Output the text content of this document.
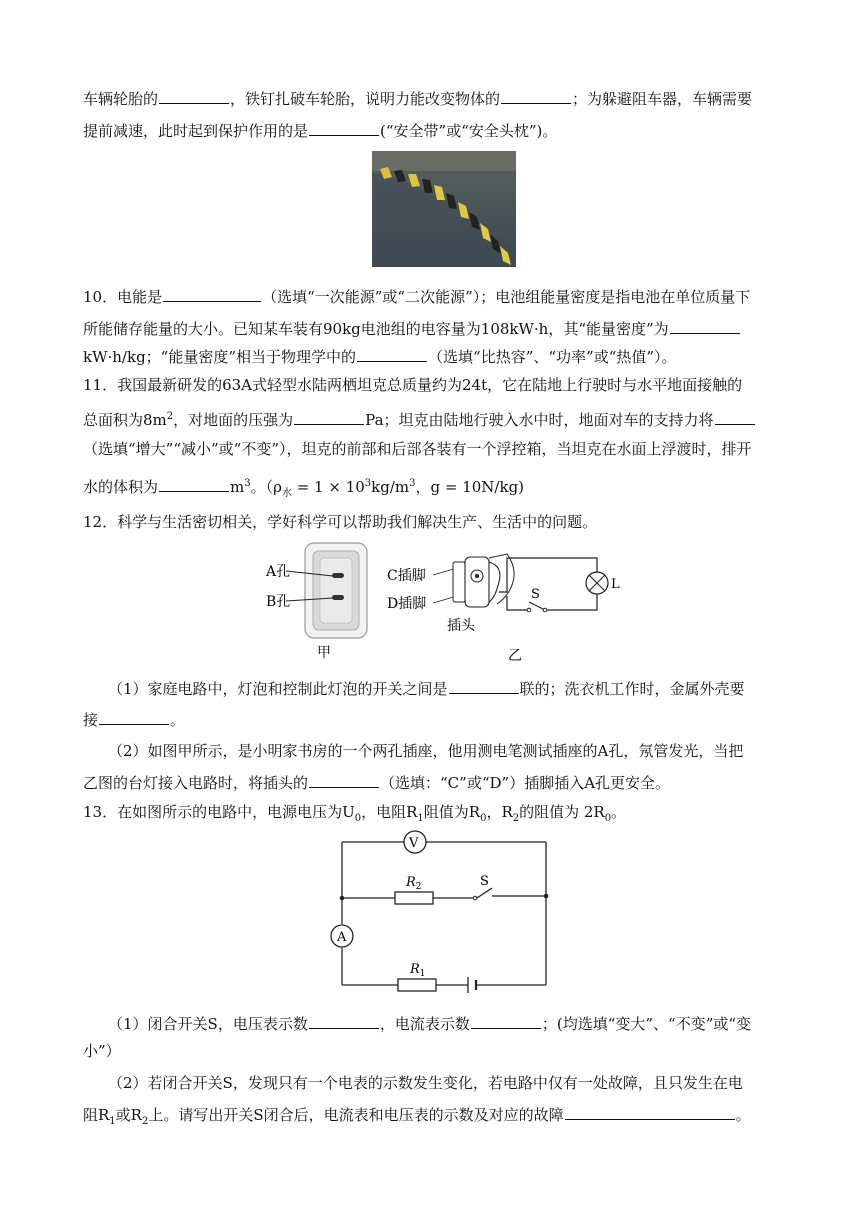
车辆轮胎的	，铁钉扎破车轮胎，说明力能改变物体的	；为躲避阻车器，车辆需要
提前减速，此时起到保护作用的是	(“安全带”或“安全头枕”)。
10．电能是	（选填“一次能源”或“二次能源”）；电池组能量密度是指电池在单位质量下
所能储存能量的大小。已知某车装有90kg电池组的电容量为108kW·h，其“能量密度”为
kW·h/kg；“能量密度”相当于物理学中的	（选填“比热容”、“功率”或“热值”）。
11．我国最新研发的63A式轻型水陆两栖坦克总质量约为24t，它在陆地上行驶时与水平地面接触的
总面积为$8m^2$，对地面的压强为	Pa；坦克由陆地行驶入水中时，地面对车的支持力将
（选填“增大”“减小”或“不变”），坦克的前部和后部各装有一个浮控箱，当坦克在水面上浮渡时，排开
水的体积为	$m^3$。（$\rho_水 = 1 \times 10^3kg/m^3$，g = 10N/kg)
12．科学与生活密切相关，学好科学可以帮助我们解决生产、生活中的问题。
A孔
B孔
甲
C插脚
D插脚
插头
S
L
乙
（1）家庭电路中，灯泡和控制此灯泡的开关之间是	联的；洗衣机工作时，金属外壳要
接	。
（2）如图甲所示，是小明家书房的一个两孔插座，他用测电笔测试插座的A孔，氖管发光，当把
乙图的台灯接入电路时，将插头的	（选填：“C”或“D”）插脚插入A孔更安全。
13．在如图所示的电路中，电源电压为$U_0$，电阻$R_1$阻值为$R_0$，$R_2$的阻值为 $2R_0$。
V
A
$R_2$	S
$R_1$
（1）闭合开关S，电压表示数	，电流表示数	；(均选填“变大”、“不变”或“变
小”）
（2）若闭合开关S，发现只有一个电表的示数发生变化，若电路中仅有一处故障，且只发生在电
阻$R_1$或$R_2$上。请写出开关S闭合后，电流表和电压表的示数及对应的故障	。
